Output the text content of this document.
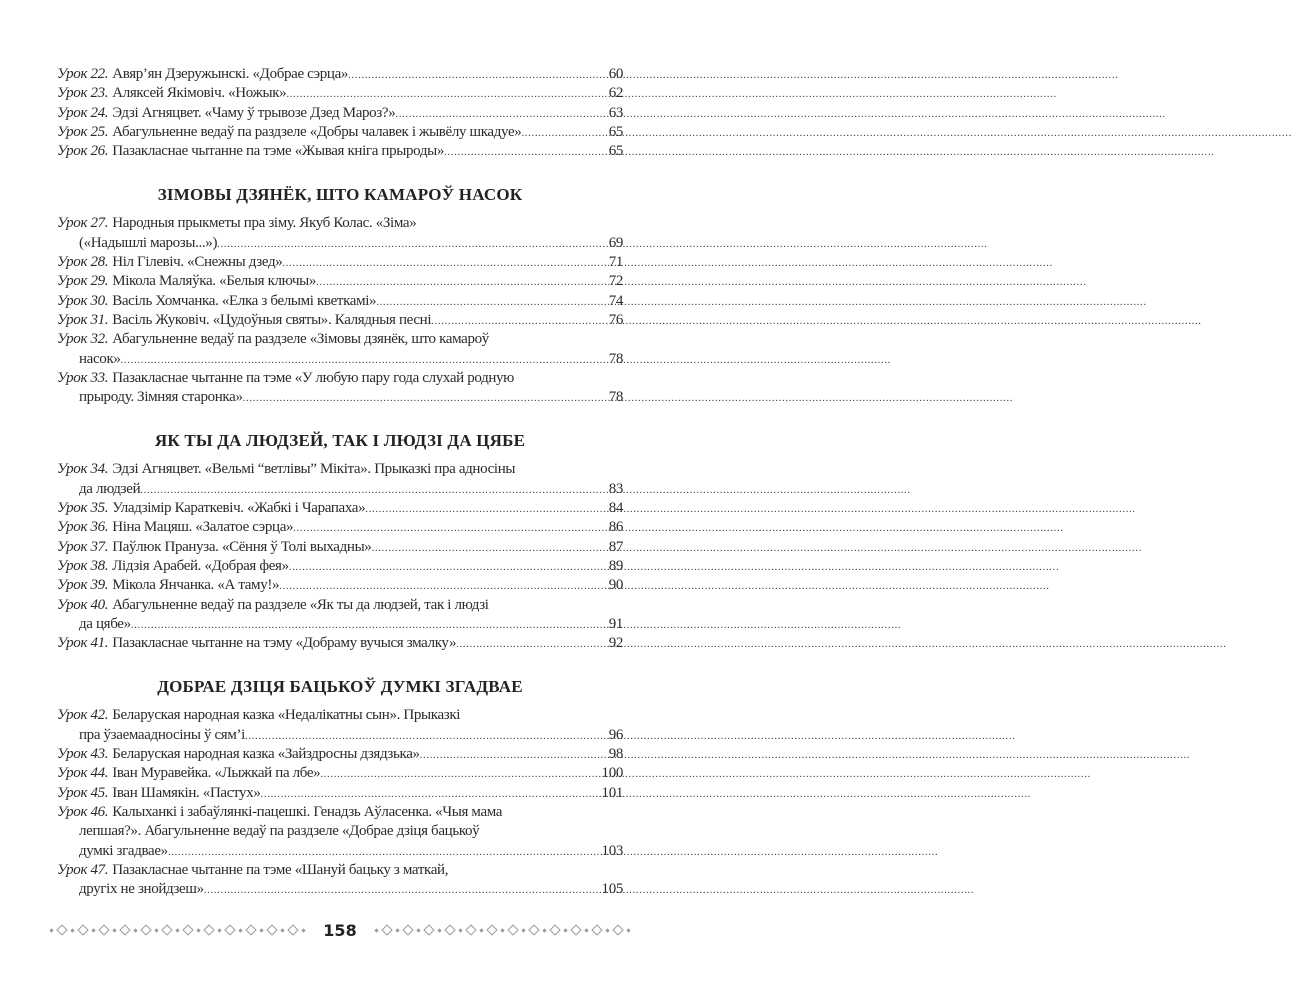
Урок 22. Авяр’ян Дзеружынскі. «Добрае сэрца» .....	60
Урок 23. Аляксей Якімовіч. «Ножык» .....	62
Урок 24. Эдзі Агняцвет. «Чаму ў трывозе Дзед Мароз?» .....	63
Урок 25. Абагульненне ведаў па раздзеле «Добры чалавек і жывёлу шкадуе» .....	65
Урок 26. Пазакласнае чытанне па тэме «Жывая кніга прыроды» .....	65
ЗІМОВЫ ДЗЯНЁК, ШТО КАМАРОЎ НАСОК
Урок 27. Народныя прыкметы пра зіму. Якуб Колас. «Зіма»
(«Надышлі марозы...») .....	69
Урок 28. Ніл Гілевіч. «Снежны дзед» .....	71
Урок 29. Мікола Маляўка. «Белыя ключы» .....	72
Урок 30. Васіль Хомчанка. «Елка з белымі кветкамі» .....	74
Урок 31. Васіль Жуковіч. «Цудоўныя святы». Калядныя песні .....	76
Урок 32. Абагульненне ведаў па раздзеле «Зімовы дзянёк, што камароў
насок» .....	78
Урок 33. Пазакласнае чытанне па тэме «У любую пару года слухай родную
прыроду. Зімняя старонка» .....	78
ЯК ТЫ ДА ЛЮДЗЕЙ, ТАК І ЛЮДЗІ ДА ЦЯБЕ
Урок 34. Эдзі Агняцвет. «Вельмі “ветлівы” Мікіта». Прыказкі пра адносіны
да людзей .....	83
Урок 35. Уладзімір Караткевіч. «Жабкі і Чарапаха» .....	84
Урок 36. Ніна Мацяш. «Залатое сэрца» .....	86
Урок 37. Паўлюк Пранузa. «Сёння ў Толі выхадны» .....	87
Урок 38. Лідзія Арабей. «Добрая фея» .....	89
Урок 39. Мікола Янчанка. «А таму!» .....	90
Урок 40. Абагульненне ведаў па раздзеле «Як ты да людзей, так і людзі
да цябе» .....	91
Урок 41. Пазакласнае чытанне на тэму «Добраму вучыся змалку» .....	92
ДОБРАЕ ДЗІЦЯ БАЦЬКОЎ ДУМКІ ЗГАДВАЕ
Урок 42. Беларуская народная казка «Недалікатны сын». Прыказкі
пра ўзаемаадносіны ў сям’і .....	96
Урок 43. Беларуская народная казка «Зайздросны дзядзька» .....	98
Урок 44. Іван Муравейка. «Лыжкай па лбе» .....	100
Урок 45. Іван Шамякін. «Пастух» .....	101
Урок 46. Калыханкі і забаўлянкі-пацешкі. Генадзь Аўласенка. «Чыя мама
лепшая?». Абагульненне ведаў па раздзеле «Добрае дзіця бацькоў
думкі згадвае» .....	103
Урок 47. Пазакласнае чытанне па тэме «Шануй бацьку з маткай,
другіх не знойдзеш» .....	105
158
